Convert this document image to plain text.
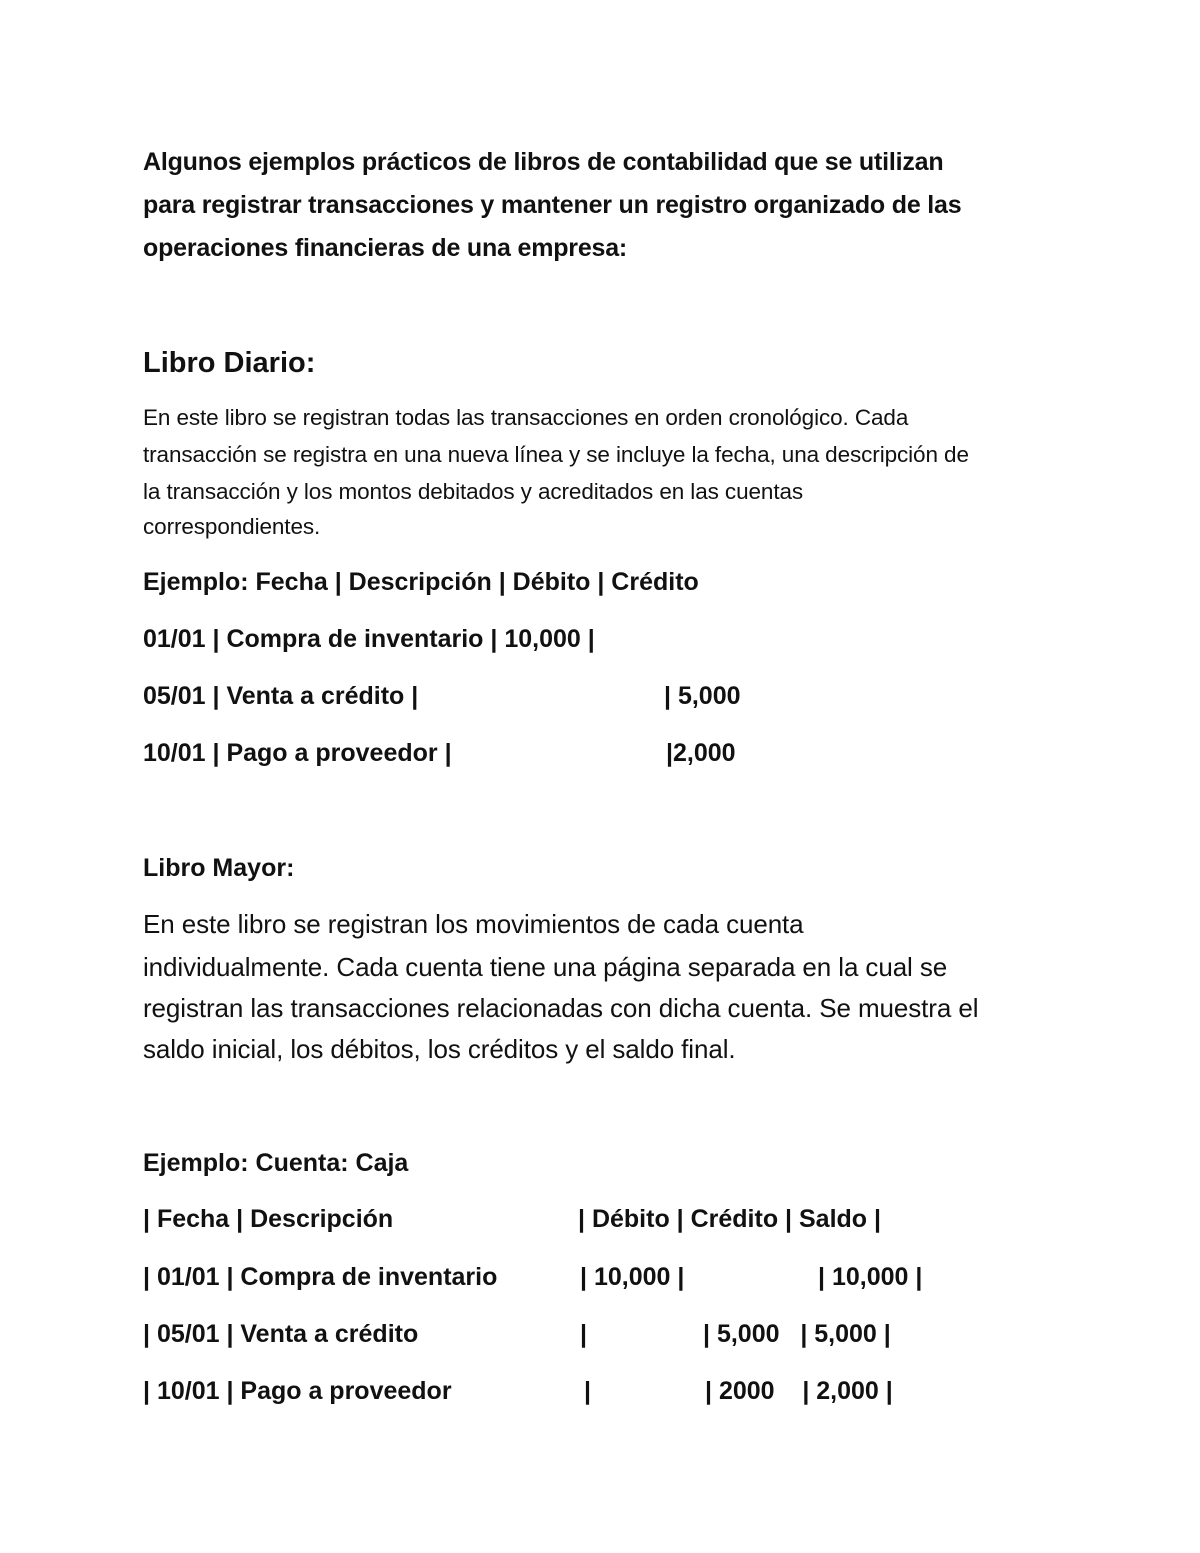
Algunos ejemplos prácticos de libros de contabilidad que se utilizan

para registrar transacciones y mantener un registro organizado de las

operaciones financieras de una empresa:

Libro Diario:

En este libro se registran todas las transacciones en orden cronológico. Cada

transacción se registra en una nueva línea y se incluye la fecha, una descripción de

la transacción y los montos debitados y acreditados en las cuentas

correspondientes.

Ejemplo: Fecha | Descripción | Débito | Crédito

01/01 | Compra de inventario | 10,000 |

05/01 | Venta a crédito |	| 5,000

10/01 | Pago a proveedor |	|2,000

Libro Mayor:

En este libro se registran los movimientos de cada cuenta

individualmente. Cada cuenta tiene una página separada en la cual se

registran las transacciones relacionadas con dicha cuenta. Se muestra el

saldo inicial, los débitos, los créditos y el saldo final.

Ejemplo: Cuenta: Caja

| Fecha | Descripción	| Débito | Crédito | Saldo |

| 01/01 | Compra de inventario	| 10,000 |	| 10,000 |

| 05/01 | Venta a crédito	|	| 5,000   | 5,000 |

| 10/01 | Pago a proveedor	|	| 2000    | 2,000 |
